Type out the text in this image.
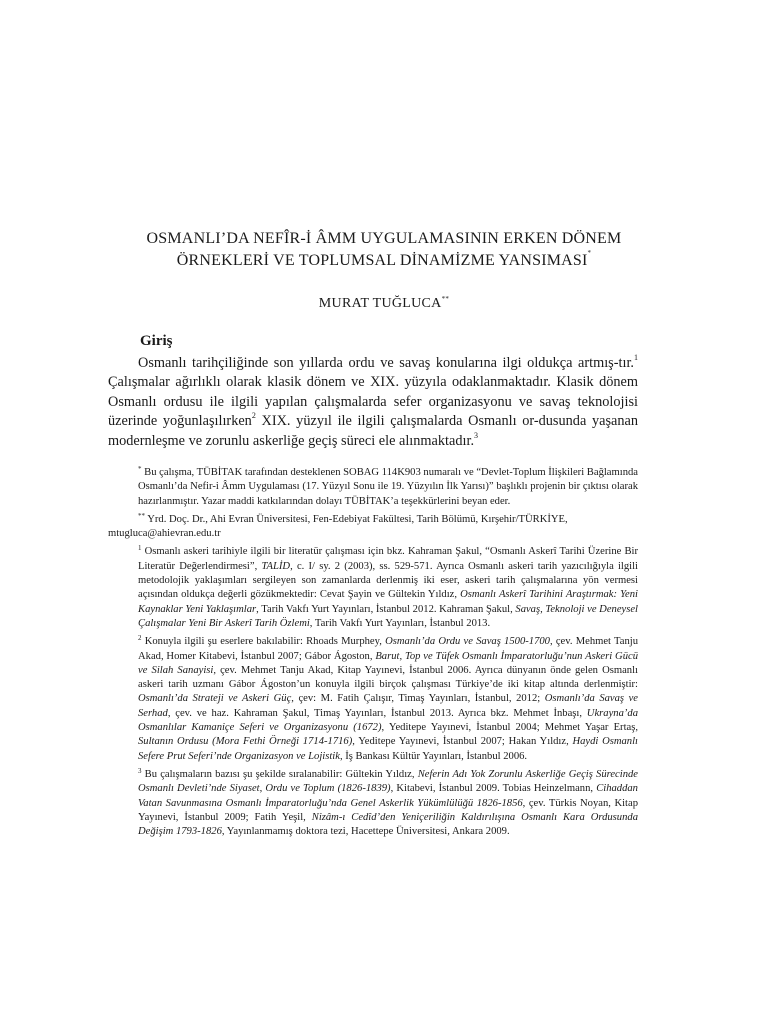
OSMANLI’DA NEFÎR-İ ÂMM UYGULAMASININ ERKEN DÖNEM
ÖRNEKLERİ VE TOPLUMSAL DİNAMİZME YANSIMASI*
MURAT TUĞLUCA**
Giriş

Osmanlı tarihçiliğinde son yıllarda ordu ve savaş konularına ilgi oldukça artmış-tır.$^1$ Çalışmalar ağırlıklı olarak klasik dönem ve XIX. yüzyıla odaklanmaktadır. Klasik dönem Osmanlı ordusu ile ilgili yapılan çalışmalarda sefer organizasyonu ve savaş teknolojisi üzerinde yoğunlaşılırken$^2$ XIX. yüzyıl ile ilgili çalışmalarda Osmanlı or-dusunda yaşanan modernleşme ve zorunlu askerliğe geçiş süreci ele alınmaktadır.$^3$

* Bu çalışma, TÜBİTAK tarafından desteklenen SOBAG 114K903 numaralı ve “Devlet-Toplum İlişkileri Bağlamında Osmanlı’da Nefir-i Âmm Uygulaması (17. Yüzyıl Sonu ile 19. Yüzyılın İlk Yarısı)” başlıklı projenin bir çıktısı olarak hazırlanmıştır. Yazar maddi katkılarından dolayı TÜBİTAK’a teşekkürlerini beyan eder.

** Yrd. Doç. Dr., Ahi Evran Üniversitesi, Fen-Edebiyat Fakültesi, Tarih Bölümü, Kırşehir/TÜRKİYE,

mtugluca@ahievran.edu.tr

$^1$ Osmanlı askeri tarihiyle ilgili bir literatür çalışması için bkz. Kahraman Şakul, “Osmanlı Askerî Tarihi Üzerine Bir Literatür Değerlendirmesi”, TALİD, c. I/ sy. 2 (2003), ss. 529-571. Ayrıca Osmanlı askeri tarih yazıcılığıyla ilgili metodolojik yaklaşımları sergileyen son zamanlarda derlenmiş iki eser, askeri tarih çalışmalarına yön vermesi açısından oldukça değerli gözükmektedir: Cevat Şayin ve Gültekin Yıldız, Osmanlı Askerî Tarihini Araştırmak: Yeni Kaynaklar Yeni Yaklaşımlar, Tarih Vakfı Yurt Yayınları, İstanbul 2012. Kahraman Şakul, Savaş, Teknoloji ve Deneysel Çalışmalar Yeni Bir Askerî Tarih Özlemi, Tarih Vakfı Yurt Yayınları, İstanbul 2013.

$^2$ Konuyla ilgili şu eserlere bakılabilir: Rhoads Murphey, Osmanlı’da Ordu ve Savaş 1500-1700, çev. Mehmet Tanju Akad, Homer Kitabevi, İstanbul 2007; Gábor Ágoston, Barut, Top ve Tüfek Osmanlı İmparatorluğu’nun Askeri Gücü ve Silah Sanayisi, çev. Mehmet Tanju Akad, Kitap Yayınevi, İstanbul 2006. Ayrıca dünyanın önde gelen Osmanlı askeri tarih uzmanı Gábor Ágoston’un konuyla ilgili birçok çalışması Türkiye’de iki kitap altında derlenmiştir: Osmanlı’da Strateji ve Askeri Güç, çev: M. Fatih Çalışır, Timaş Yayınları, İstanbul, 2012; Osmanlı’da Savaş ve Serhad, çev. ve haz. Kahraman Şakul, Timaş Yayınları, İstanbul 2013. Ayrıca bkz. Mehmet İnbaşı, Ukrayna’da Osmanlılar Kamaniçe Seferi ve Organizasyonu (1672), Yeditepe Yayınevi, İstanbul 2004; Mehmet Yaşar Ertaş, Sultanın Ordusu (Mora Fethi Örneği 1714-1716), Yeditepe Yayınevi, İstanbul 2007; Hakan Yıldız, Haydi Osmanlı Sefere Prut Seferi’nde Organizasyon ve Lojistik, İş Bankası Kültür Yayınları, İstanbul 2006.

$^3$ Bu çalışmaların bazısı şu şekilde sıralanabilir: Gültekin Yıldız, Neferin Adı Yok Zorunlu Askerliğe Geçiş Sürecinde Osmanlı Devleti’nde Siyaset, Ordu ve Toplum (1826-1839), Kitabevi, İstanbul 2009. Tobias Heinzelmann, Cihaddan Vatan Savunmasına Osmanlı İmparatorluğu’nda Genel Askerlik Yükümlülüğü 1826-1856, çev. Türkis Noyan, Kitap Yayınevi, İstanbul 2009; Fatih Yeşil, Nizâm-ı Cedîd’den Yeniçeriliğin Kaldırılışına Osmanlı Kara Ordusunda Değişim 1793-1826, Yayınlanmamış doktora tezi, Hacettepe Üniversitesi, Ankara 2009.
